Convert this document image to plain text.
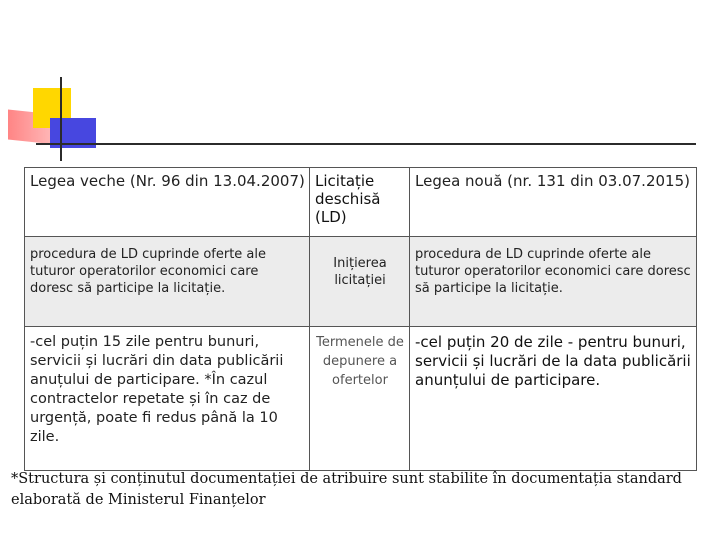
Legea veche (Nr. 96 din 13.04.2007)	Licitație deschisă (LD)	Legea nouă (nr. 131 din 03.07.2015)
procedura de LD cuprinde oferte ale tuturor operatorilor economici care doresc să participe la licitație.	Inițierea licitației	procedura de LD cuprinde oferte ale tuturor operatorilor economici care doresc să participe la licitație.
-cel puțin 15 zile pentru bunuri, servicii și lucrări din data publicării anuțului de participare. *În cazul contractelor repetate și în caz de urgență, poate fi redus până la 10 zile.	Termenele de depunere a ofertelor	-cel puțin 20 de zile - pentru bunuri, servicii și lucrări de la data publicării anunțului de participare.
*Structura și conținutul documentației de atribuire sunt stabilite în documentația standard elaborată de Ministerul Finanțelor
